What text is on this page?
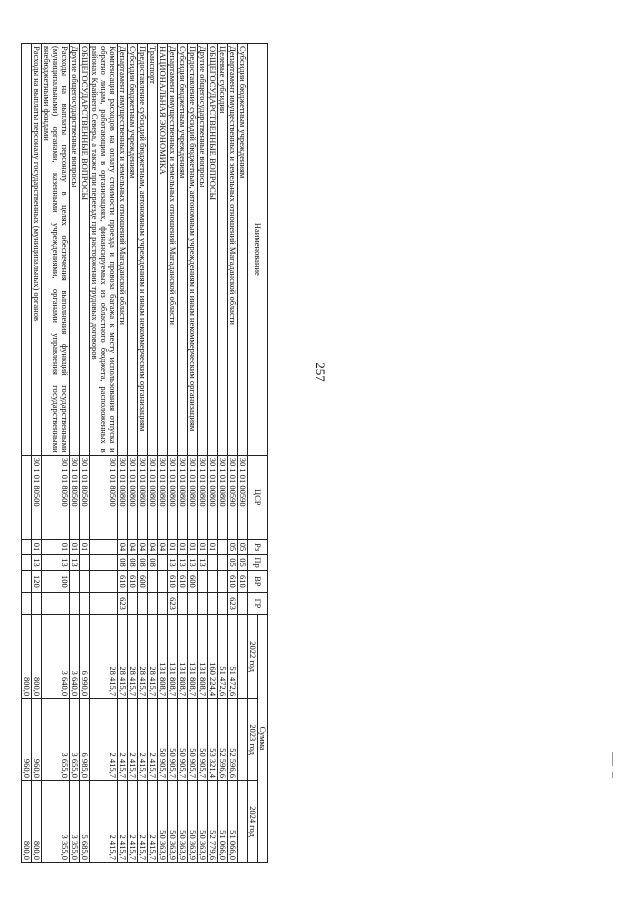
257
Наименование	ЦСР	Рз	Пр	ВР	ГР	Сумма		
						2022 год	2023 год	2024 год
Субсидии бюджетным учреждениям	30 1 01 00590	05	05	610				
Департамент имущественных и земельных отношений Магаданской области	30 1 01 00590	05	05	610	623	51 472,6	52 596,6	51 066,0
Целевые субсидии	30 1 01 00800					51 472,6	52 596,6	51 066,0
ОБЩЕГОСУДАРСТВЕННЫЕ ВОПРОСЫ	30 1 01 00800	01				160 224,4	53 321,4	52 779,6
Другие общегосударственные вопросы	30 1 01 00800	01	13			131 808,7	50 905,7	50 363,9
Предоставление субсидий бюджетным, автономным учреждениям и иным некоммерческим организациям	30 1 01 00800	01	13	600		131 808,7	50 905,7	50 363,9
Субсидии бюджетным учреждениям	30 1 01 00800	01	13	610		131 808,7	50 905,7	50 363,9
Департамент имущественных и земельных отношений Магаданской области	30 1 01 00800	01	13	610	623	131 808,7	50 905,7	50 363,9
НАЦИОНАЛЬНАЯ ЭКОНОМИКА	30 1 01 00800	04				131 808,7	50 905,7	50 363,9
Транспорт	30 1 01 00800	04	08			28 415,7	2 415,7	2 415,7
Предоставление субсидий бюджетным, автономным учреждениям и иным некоммерческим организациям	30 1 01 00800	04	08	600		28 415,7	2 415,7	2 415,7
Субсидии бюджетным учреждениям	30 1 01 00800	04	08	610		28 415,7	2 415,7	2 415,7
Департамент имущественных и земельных отношений Магаданской области	30 1 01 00800	04	08	610	623	28 415,7	2 415,7	2 415,7
Компенсация расходов на оплату стоимости проезда и провоза багажа к месту использования отпуска и обратно лицам, работающим в организациях, финансируемых из областного бюджета, расположенных в районах Крайнего Севера, а также при переезде при расторжении трудовых договоров	30 1 01 80500					28 415,7	2 415,7	2 415,7
ОБЩЕГОСУДАРСТВЕННЫЕ ВОПРОСЫ	30 1 01 80500	01				6 990,0	6 985,0	5 685,0
Другие общегосударственные вопросы	30 1 01 80500	01	13			3 640,0	3 655,0	3 355,0
Расходы на выплаты персоналу в целях обеспечения выполнения функций государственными (муниципальными) органами, казенными учреждениями, органами управления государственными внебюджетными фондами	30 1 01 80500	01	13	100		3 640,0	3 655,0	3 355,0
Расходы на выплаты персоналу государственных (муниципальных) органов	30 1 01 80500	01	13	120		800,0	960,0	800,0
						800,0	960,0	800,0
